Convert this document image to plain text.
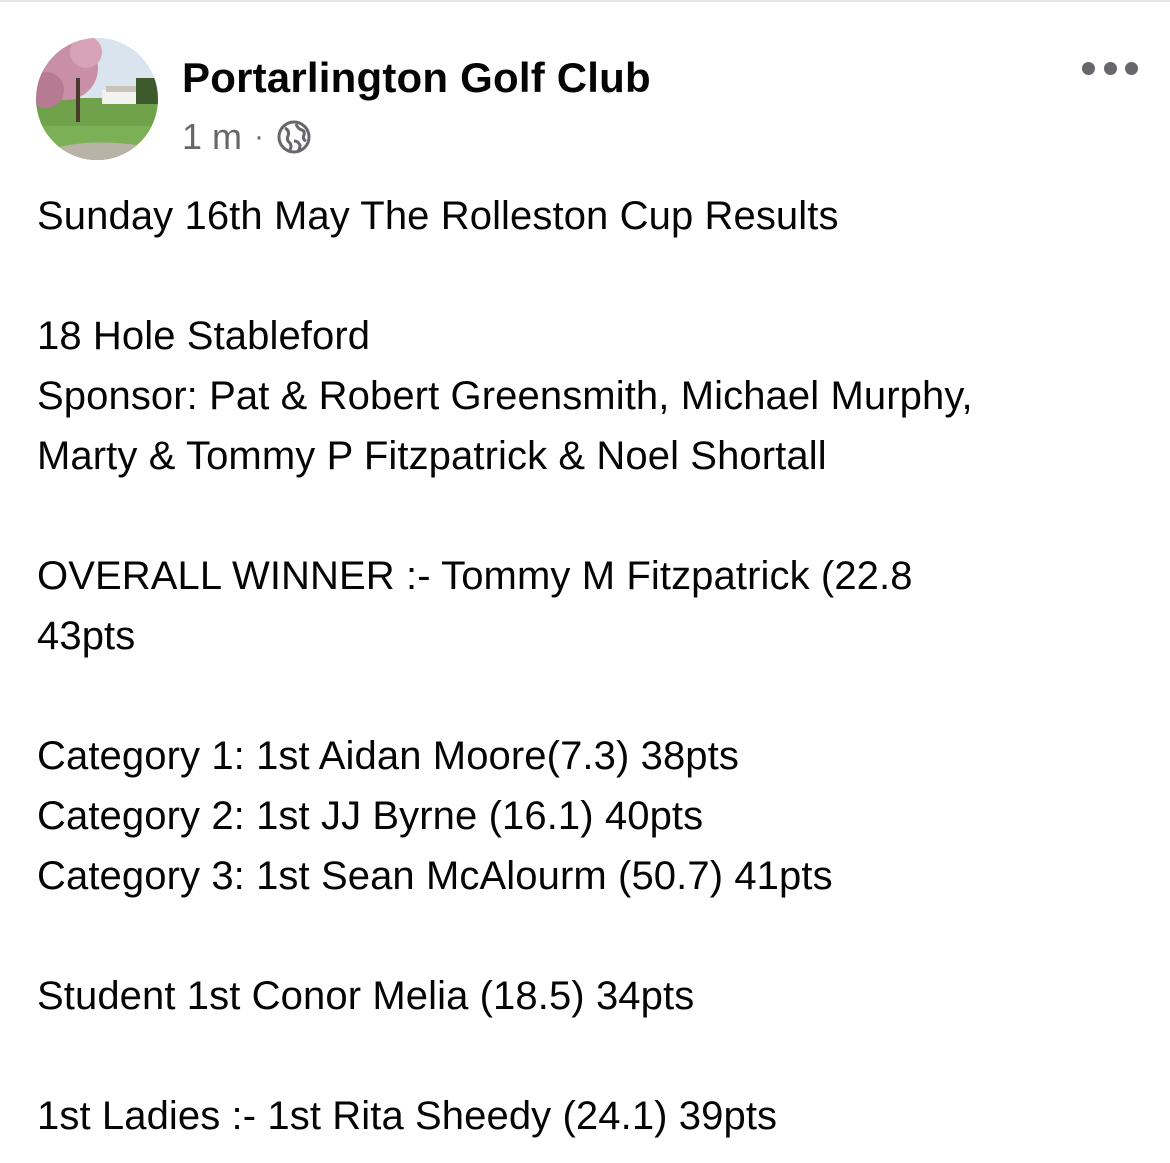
Portarlington Golf Club
1 m ·
Sunday 16th May The Rolleston Cup Results
18 Hole Stableford
Sponsor: Pat & Robert Greensmith, Michael Murphy,
Marty & Tommy P Fitzpatrick & Noel Shortall
OVERALL WINNER :- Tommy M Fitzpatrick (22.8
43pts
Category 1: 1st Aidan Moore(7.3) 38pts
Category 2: 1st JJ Byrne (16.1) 40pts
Category 3: 1st Sean McAlourm (50.7) 41pts
Student 1st Conor Melia (18.5) 34pts
1st Ladies :- 1st Rita Sheedy (24.1) 39pts
